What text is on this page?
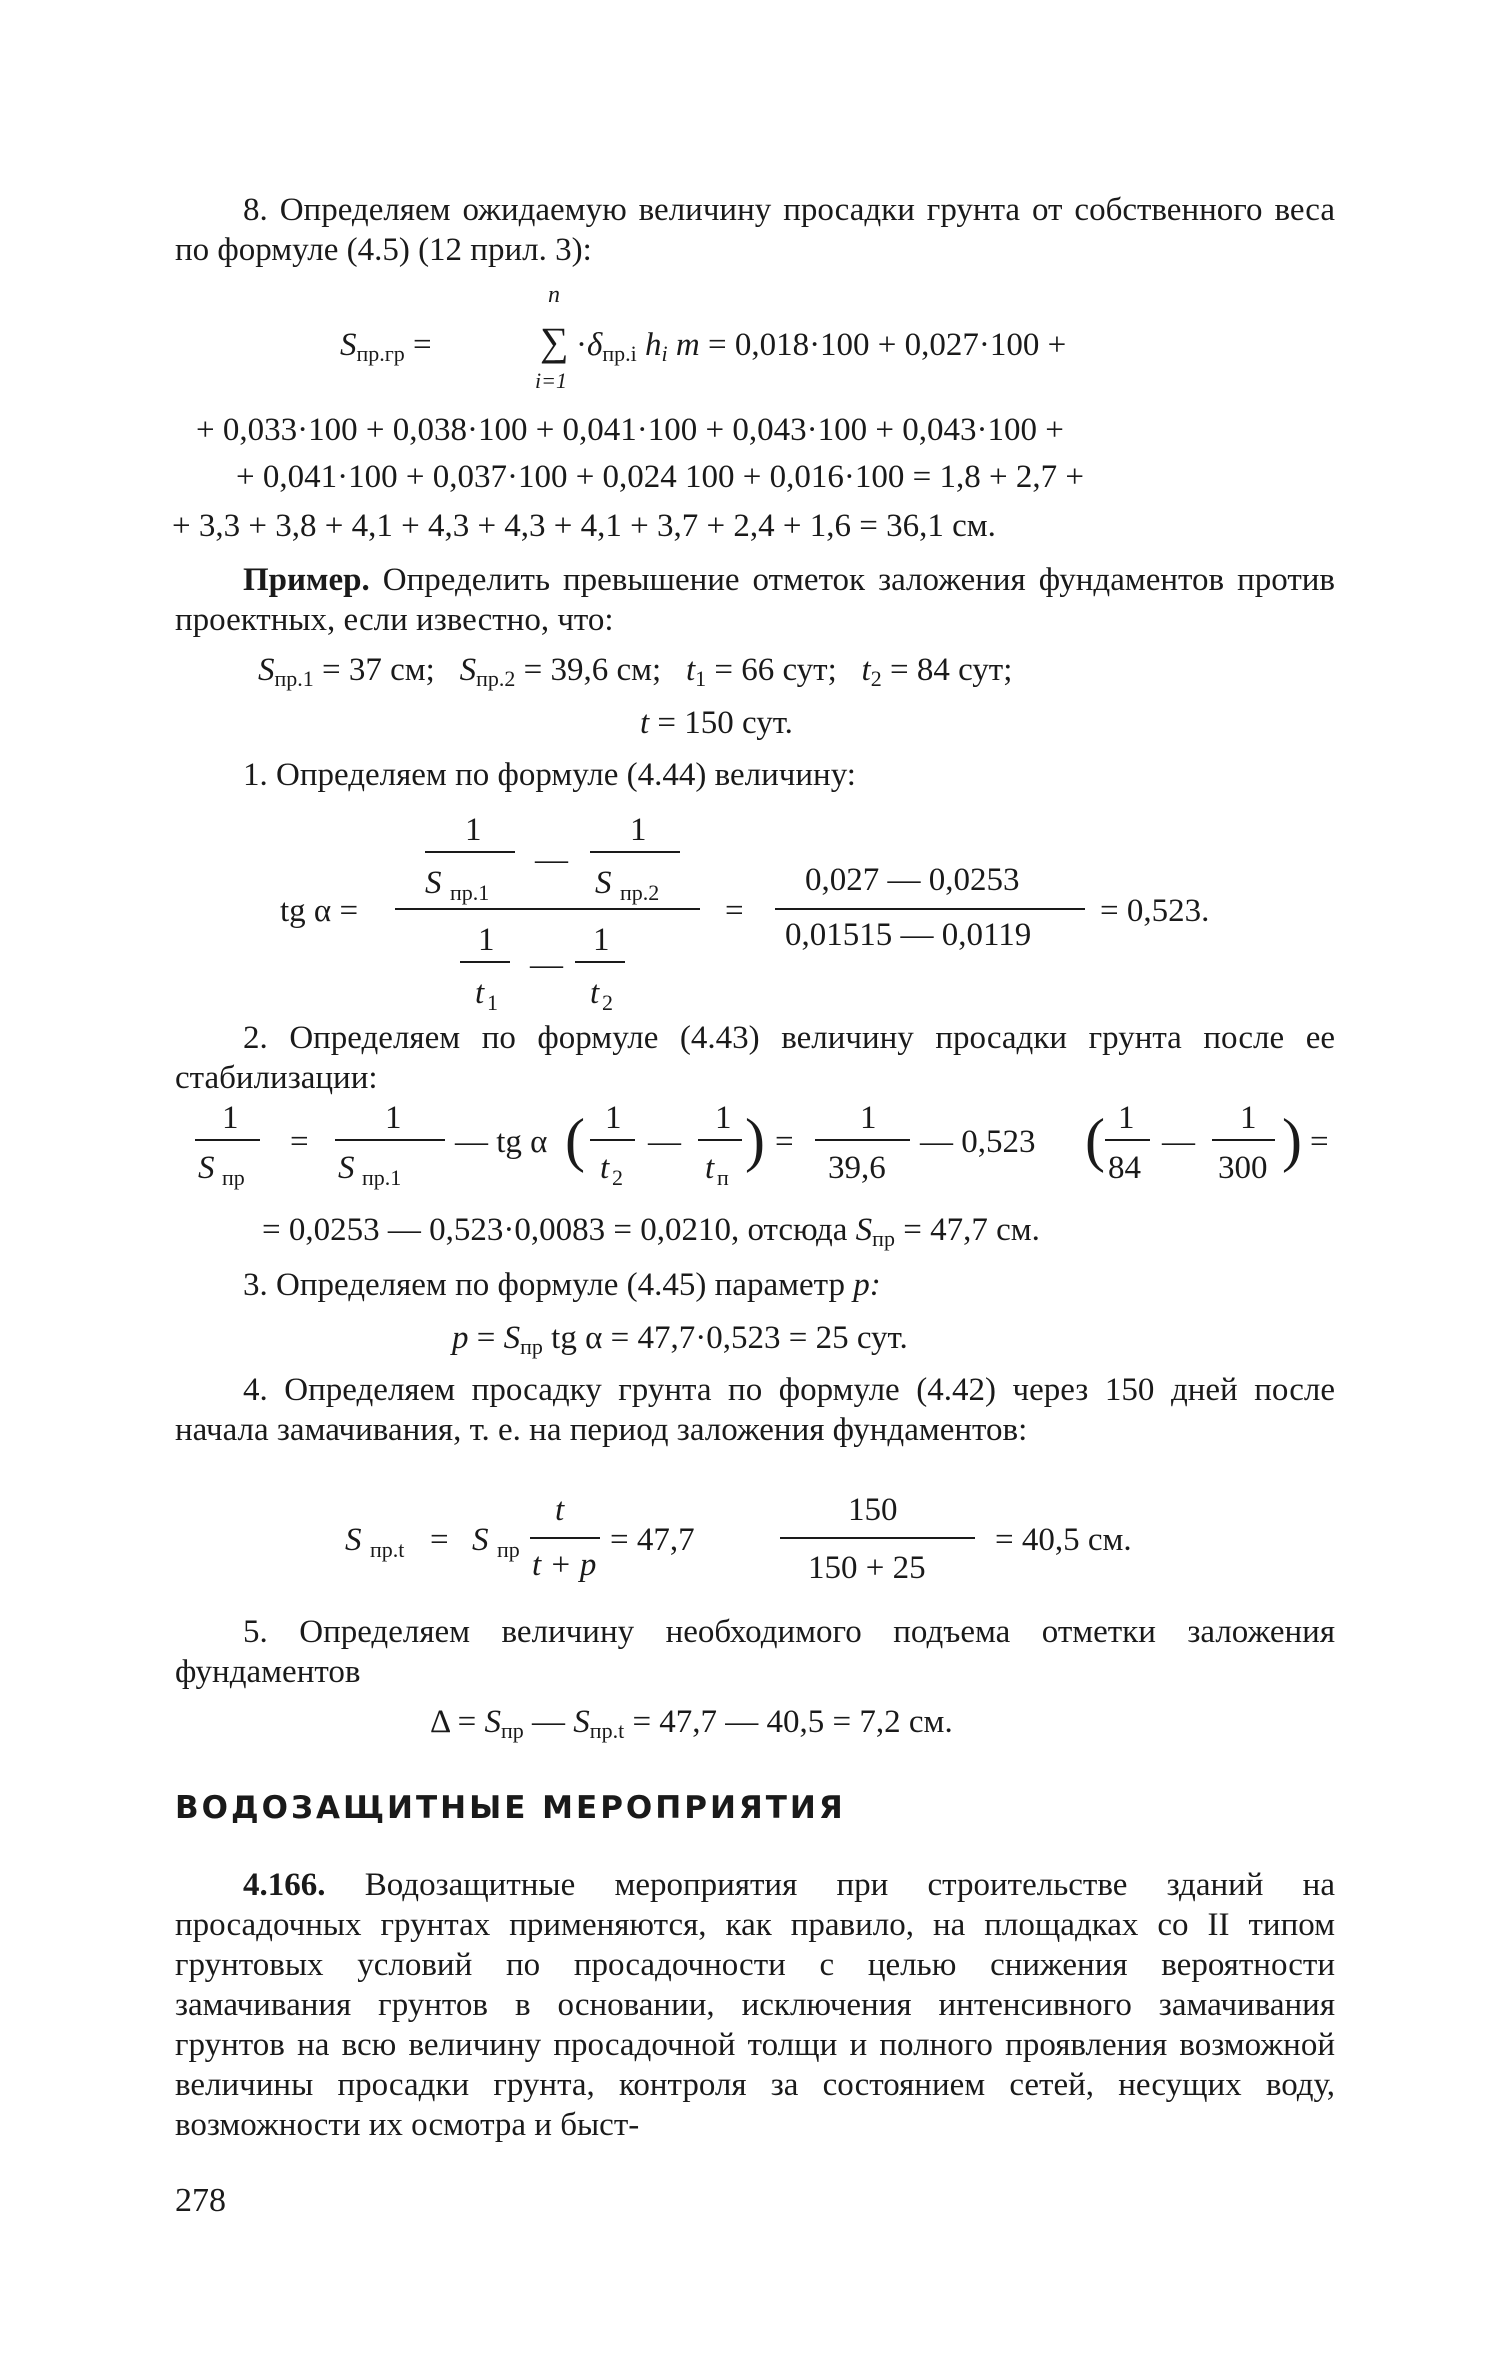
8. Определяем ожидаемую величину просадки грунта от собственного веса по формуле (4.5) (12 прил. 3):
$S_{пр.гр}$ =
n
∑
i=1
$\cdot\delta_{пр.i}$ $h_i$ m = 0,018·100 + 0,027·100 +
+ 0,033·100 + 0,038·100 + 0,041·100 + 0,043·100 + 0,043·100 +
+ 0,041·100 + 0,037·100 + 0,024 100 + 0,016·100 = 1,8 + 2,7 +
+ 3,3 + 3,8 + 4,1 + 4,3 + 4,3 + 4,1 + 3,7 + 2,4 + 1,6 = 36,1 см.
Пример. Определить превышение отметок заложения фундаментов против проектных, если известно, что:
$S_{пр.1} = 37$ см; $S_{пр.2} = 39,6$ см; $t_1 = 66$ сут; $t_2 = 84$ сут;
t = 150 сут.
1. Определяем по формуле (4.44) величину:
tg α =
1
S пр.1
—
1
S пр.2
1
t 1
—
1
t 2
=
0,027 — 0,0253
0,01515 — 0,0119
= 0,523.
2. Определяем по формуле (4.43) величину просадки грунта после ее стабилизации:
1
S пр
=
1
S пр.1
— tg α ( 1
t 2
—
1
t п
) =
1
39,6
— 0,523 ( 1
84
—
1
300 ) =
= 0,0253 — 0,523·0,0083 = 0,0210, отсюда $S_{пр} = 47,7$ см.
3. Определяем по формуле (4.45) параметр p:
$p = S_{пр}$ tg α = 47,7·0,523 = 25 сут.
4. Определяем просадку грунта по формуле (4.42) через 150 дней после начала замачивания, т. е. на период заложения фундаментов:
S пр.t = S пр
t
t + p
= 47,7
150
150 + 25
= 40,5 см.
5. Определяем величину необходимого подъема отметки заложения фундаментов
$\Delta = S_{пр}$ — $S_{пр.t} = 47,7$ — 40,5 = 7,2 см.
ВОДОЗАЩИТНЫЕ МЕРОПРИЯТИЯ
4.166. Водозащитные мероприятия при строительстве зданий на просадочных грунтах применяются, как правило, на площадках со II типом грунтовых условий по просадочности с целью снижения вероятности замачивания грунтов в основании, исключения интенсивного замачивания грунтов на всю величину просадочной толщи и полного проявления возможной величины просадки грунта, контроля за состоянием сетей, несущих воду, возможности их осмотра и быст-
278
